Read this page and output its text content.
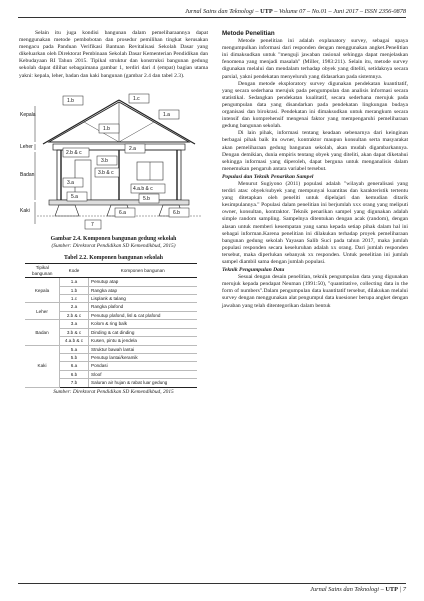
Jurnal Sains dan Teknologi – UTP – Volume 07 – No.01 – Juni 2017 – ISSN 2356-0878

Selain itu juga kondisi bangunan dalam pemeliharaannya dapat menggunakan metode pembobotan dan prosedur pemilihan tingkat kerusakan mengacu pada Panduan Verifikasi Bantuan Revitalisasi Sekolah Dasar yang dikeluarkan oleh Direktorat Pembinaan Sekolah Dasar Kementerian Pendidikan dan Kebudayaan RI Tahun 2015. Tipikal struktur dan konstruksi bangunan gedung sekolah dapat dilihat sebagaimana gambar 1, terdiri dari 4 (empat) bagian utama yakni: kepala, leher, badan dan kaki bangunan (gambar 2.4 dan tabel 2.3).

Kepala
Leher
Badan
Kaki
1.b	1.c
1.a
1.b
2.a
2.b & c
3.b
3.b & c
4.a.b & c
3.a
5.a	5.b
6.a	6.b
7
Gambar 2.4. Komponen bangunan gedung sekolah
(Sumber: Direktorat Pendidikan SD Kemendikbud, 2015)
Tabel 2.2. Komponen bangunan sekolah
Tipikal bangunan	Kode	Komponen bangunan
Kepala	1.a	Penutup atap
	1.b	Rangka atap
	1.c	Lisplank & talang
Leher	2.a	Rangka plafond
	2.b & c	Penutup plafond, lisl & cat plafond
Badan	3.a	Kolom & ring balk
	3.b & c	Dinding & cat dinding
	4.a.b & c	Kusen, pintu & jendela
Kaki	5.a	Struktur bawah lantai
	5.b	Penutup lantai/keramik
	6.a	Pondasi
	6.b	Sloof
	7.b	Saluran air hujan & rabat luar gedung
Sumber: Direktorat Pendidikan SD Kemendikbud, 2015
Metode Penelitian

Metode penelitian ini adalah explanatory survey, sebagai upaya mengumpulkan informasi dari responden dengan menggunakan angket.Penelitian ini dimaksudkan untuk "menguji jawaban rasional sehingga dapat menjelaskan fenomena yang menjadi masalah" (Miller, 1983:211). Selain itu, metode survey digunakan melalui dan mendalam terhadap obyek yang diteliti, setidaknya secara parsial, yakni pendekatan menyeluruh yang didasarkan pada sistemnya.

Dengan metode eksploratory survey digunakan pendekatan kuantitatif, yang secara sederhana merujuk pada pengumpulan dan analisis informasi secara statistikal. Sedangkan pendekatan kualitatif, secara sederhana merujuk pada pengumpulan data yang disandarkan pada pendekatan lingkungan budaya organisasi dan birokrasi. Pendekatan ini dimaksudkan untuk merangkum secara intensif dan komprehensif mengenai faktor yang mempengaruhi pemeliharaan gedung bangunan sekolah.

Di lain pihak, informasi tentang keadaan sebenarnya dari keinginan berbagai pihak baik itu owner, kontraktor maupun konsultan serta masyarakat akan pemeliharaan gedung bangunan sekolah, akan mudah digambarkannya. Dengan demikian, dunia empiris tentang obyek yang diteliti, akan dapat diketahui sehingga informasi yang diperoleh, dapat berguna untuk menganalisis dalam menemukan pengaruh antara variabel tersebut.

Populasi dan Teknik Penarikan Sampel

Menurut Sugiyono (2011) populasi adalah "wilayah generalisasi yang terdiri atas: obyek/subyek yang mempunyai kuantitas dan karakteristik tertentu yang ditetapkan oleh peneliti untuk dipelajari dan kemudian ditarik kesimpulannya." Populasi dalam penelitian ini berjumlah xxx orang yang meliputi owner, konsultan, kontraktor. Teknik penarikan sampel yang digunakan adalah simple random sampling. Sampelnya ditentukan dengan acak (random), dengan alasan untuk memberi kesempatan yang sama kepada setiap pihak dalam hal ini sebagai informan.Karena penelitian ini dilakukan terhadap proyek pemeliharaan bangunan gedung sekolah Yayasan Salib Suci pada tahun 2017, maka jumlah populasi responden secara keseluruhan adalah xx orang. Dari jumlah responden tersebut, maka diperlukan sebanyak xx responden. Untuk penelitian ini jumlah sampel diambil sama dengan jumlah populasi.

Teknik Pengumpulan Data

Sesuai dengan desain penelitian, teknik pengumpulan data yang digunakan merujuk kepada pendapat Neuman (1991:50), "quantitative, collecting data in the form of numbers".Dalam pengumpulan data kuantitatif tersebut, dilakukan melalui survey dengan menggunakan alat pengumpul data kuesioner berupa angket dengan jawaban yang telah ditentegorikan dalam bentuk

Jurnal Sains dan Teknologi – UTP | 7
